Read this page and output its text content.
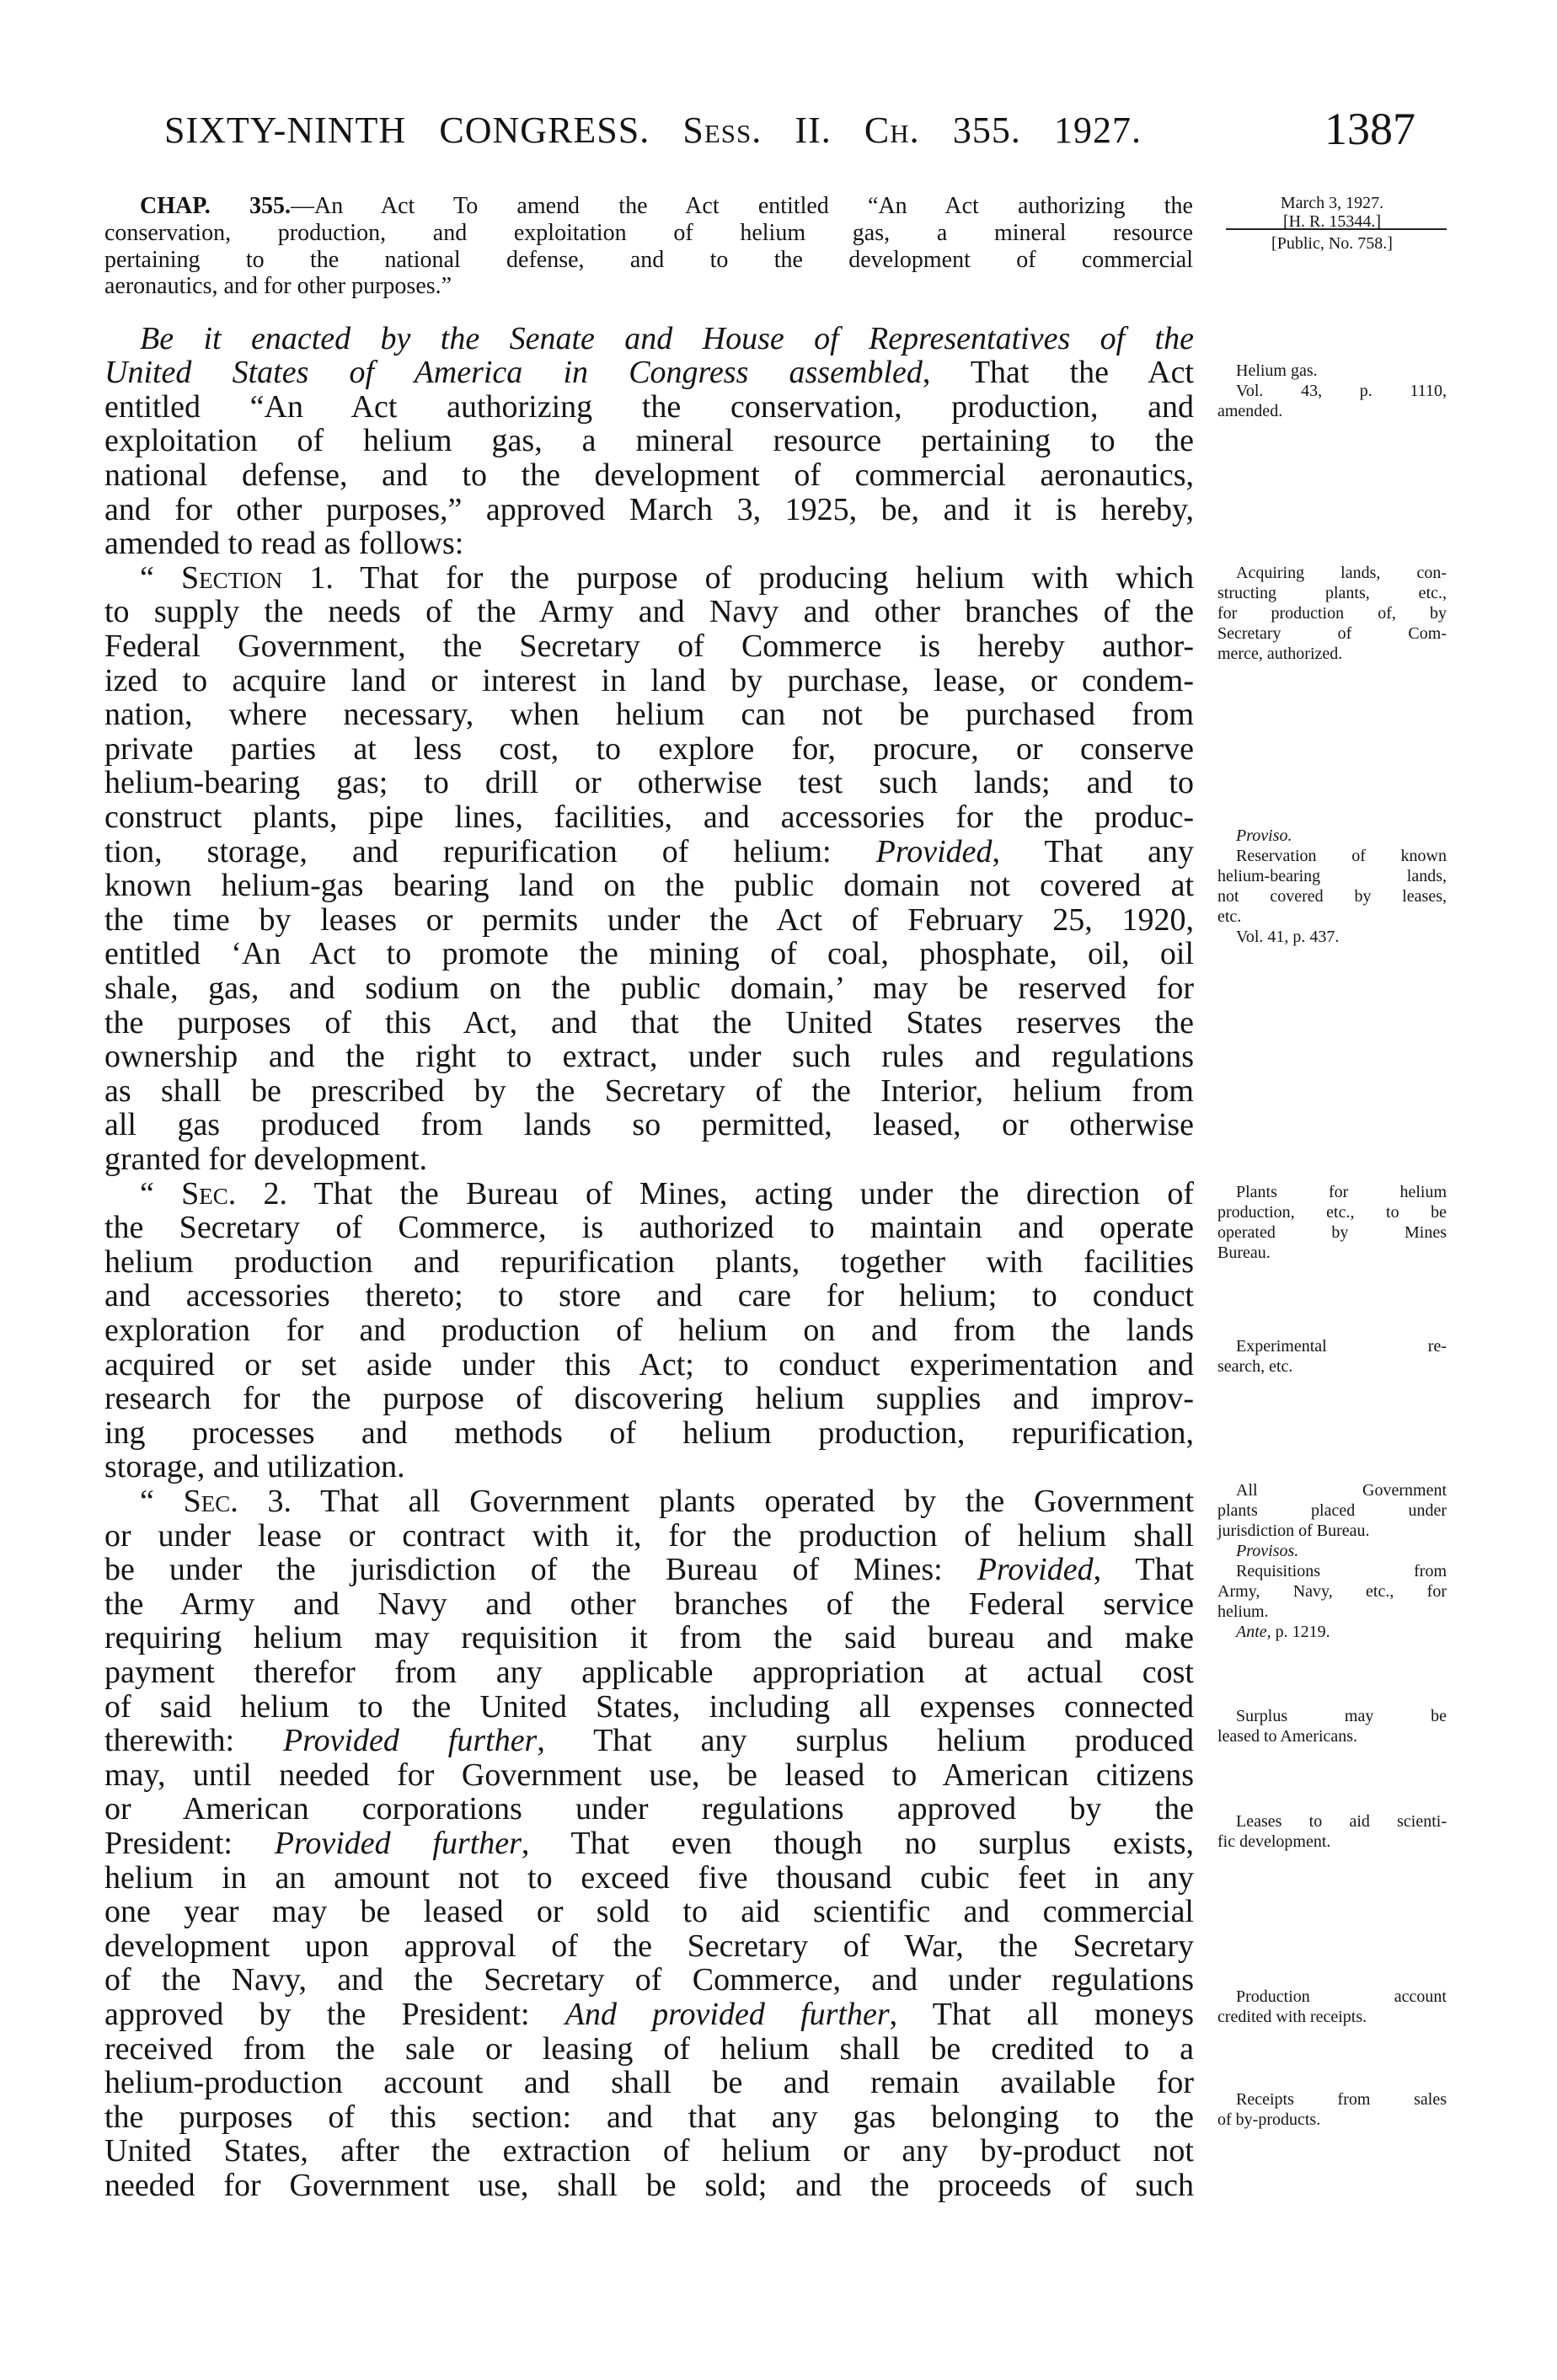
SIXTY-NINTH CONGRESS. Sess. II. Ch. 355. 1927.	1387
CHAP. 355.—An Act To amend the Act entitled “An Act authorizing the
conservation, production, and exploitation of helium gas, a mineral resource
pertaining to the national defense, and to the development of commercial
aeronautics, and for other purposes.”
Be it enacted by the Senate and House of Representatives of the
United States of America in Congress assembled, That the Act
entitled “An Act authorizing the conservation, production, and
exploitation of helium gas, a mineral resource pertaining to the
national defense, and to the development of commercial aeronautics,
and for other purposes,” approved March 3, 1925, be, and it is hereby,
amended to read as follows:
“ Section 1. That for the purpose of producing helium with which
to supply the needs of the Army and Navy and other branches of the
Federal Government, the Secretary of Commerce is hereby author-
ized to acquire land or interest in land by purchase, lease, or condem-
nation, where necessary, when helium can not be purchased from
private parties at less cost, to explore for, procure, or conserve
helium-bearing gas; to drill or otherwise test such lands; and to
construct plants, pipe lines, facilities, and accessories for the produc-
tion, storage, and repurification of helium: Provided, That any
known helium-gas bearing land on the public domain not covered at
the time by leases or permits under the Act of February 25, 1920,
entitled ‘An Act to promote the mining of coal, phosphate, oil, oil
shale, gas, and sodium on the public domain,’ may be reserved for
the purposes of this Act, and that the United States reserves the
ownership and the right to extract, under such rules and regulations
as shall be prescribed by the Secretary of the Interior, helium from
all gas produced from lands so permitted, leased, or otherwise
granted for development.
“ Sec. 2. That the Bureau of Mines, acting under the direction of
the Secretary of Commerce, is authorized to maintain and operate
helium production and repurification plants, together with facilities
and accessories thereto; to store and care for helium; to conduct
exploration for and production of helium on and from the lands
acquired or set aside under this Act; to conduct experimentation and
research for the purpose of discovering helium supplies and improv-
ing processes and methods of helium production, repurification,
storage, and utilization.
“ Sec. 3. That all Government plants operated by the Government
or under lease or contract with it, for the production of helium shall
be under the jurisdiction of the Bureau of Mines: Provided, That
the Army and Navy and other branches of the Federal service
requiring helium may requisition it from the said bureau and make
payment therefor from any applicable appropriation at actual cost
of said helium to the United States, including all expenses connected
therewith: Provided further, That any surplus helium produced
may, until needed for Government use, be leased to American citizens
or American corporations under regulations approved by the
President: Provided further, That even though no surplus exists,
helium in an amount not to exceed five thousand cubic feet in any
one year may be leased or sold to aid scientific and commercial
development upon approval of the Secretary of War, the Secretary
of the Navy, and the Secretary of Commerce, and under regulations
approved by the President: And provided further, That all moneys
received from the sale or leasing of helium shall be credited to a
helium-production account and shall be and remain available for
the purposes of this section: and that any gas belonging to the
United States, after the extraction of helium or any by-product not
needed for Government use, shall be sold; and the proceeds of such
March 3, 1927.
[H. R. 15344.]
[Public, No. 758.]
Helium gas.
Vol. 43, p. 1110,
amended.
Acquiring lands, con-
structing plants, etc.,
for production of, by
Secretary of Com-
merce, authorized.
Proviso.
Reservation of known
helium-bearing lands,
not covered by leases,
etc.
Vol. 41, p. 437.
Plants for helium
production, etc., to be
operated by Mines
Bureau.
Experimental re-
search, etc.
All Government
plants placed under
jurisdiction of Bureau.
Provisos.
Requisitions from
Army, Navy, etc., for
helium.
Ante, p. 1219.
Surplus may be
leased to Americans.
Leases to aid scienti-
fic development.
Production account
credited with receipts.
Receipts from sales
of by-products.
